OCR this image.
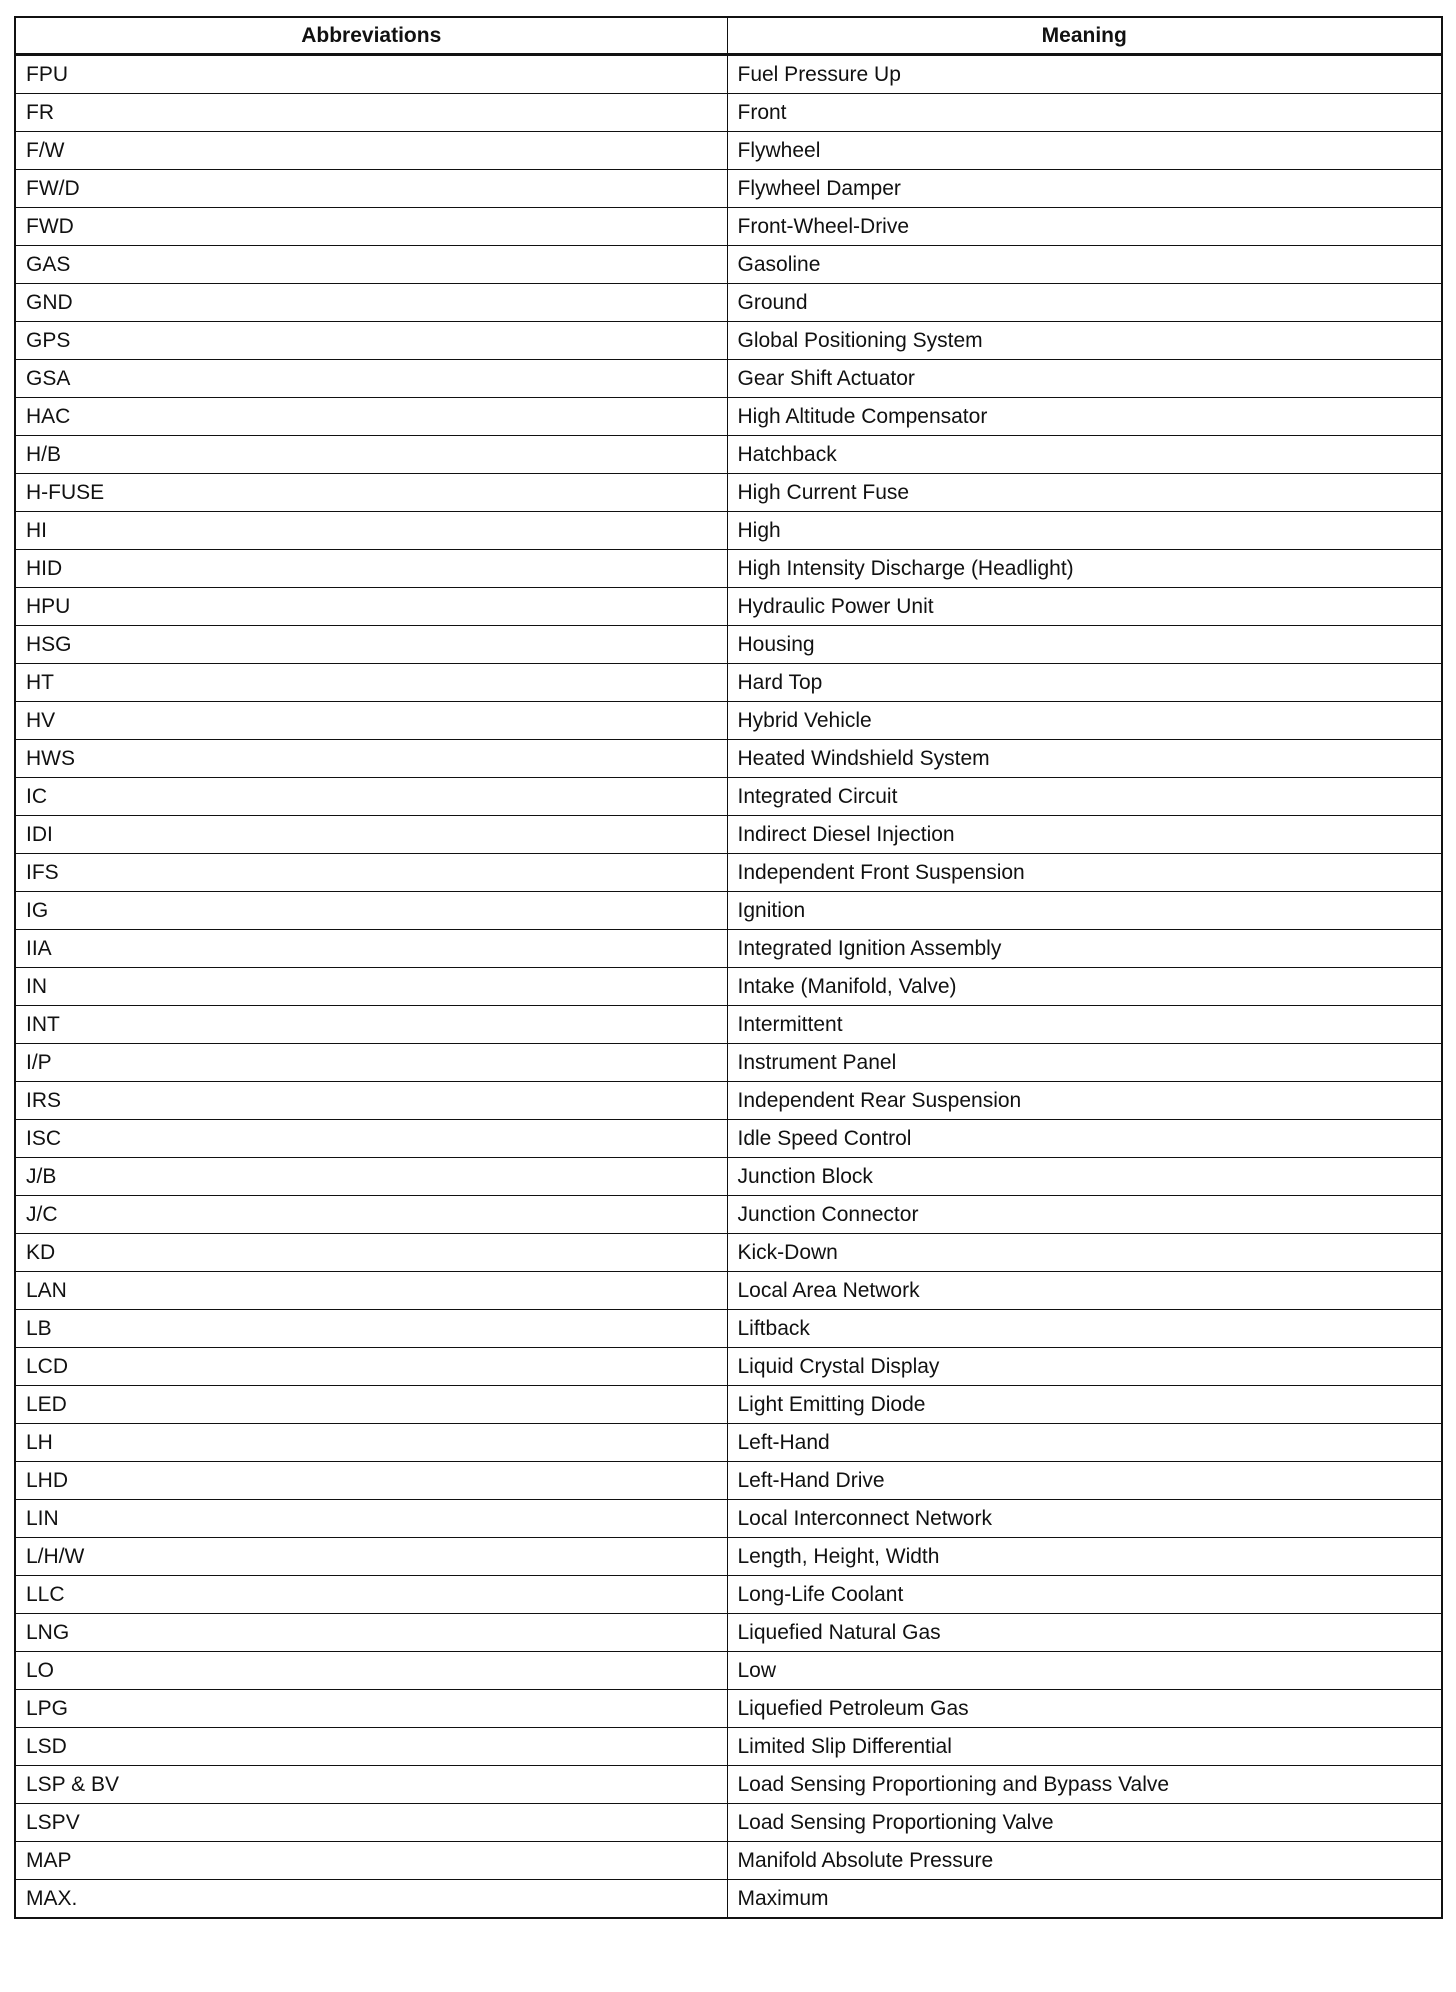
Abbreviations	Meaning
FPU	Fuel Pressure Up
FR	Front
F/W	Flywheel
FW/D	Flywheel Damper
FWD	Front-Wheel-Drive
GAS	Gasoline
GND	Ground
GPS	Global Positioning System
GSA	Gear Shift Actuator
HAC	High Altitude Compensator
H/B	Hatchback
H-FUSE	High Current Fuse
HI	High
HID	High Intensity Discharge (Headlight)
HPU	Hydraulic Power Unit
HSG	Housing
HT	Hard Top
HV	Hybrid Vehicle
HWS	Heated Windshield System
IC	Integrated Circuit
IDI	Indirect Diesel Injection
IFS	Independent Front Suspension
IG	Ignition
IIA	Integrated Ignition Assembly
IN	Intake (Manifold, Valve)
INT	Intermittent
I/P	Instrument Panel
IRS	Independent Rear Suspension
ISC	Idle Speed Control
J/B	Junction Block
J/C	Junction Connector
KD	Kick-Down
LAN	Local Area Network
LB	Liftback
LCD	Liquid Crystal Display
LED	Light Emitting Diode
LH	Left-Hand
LHD	Left-Hand Drive
LIN	Local Interconnect Network
L/H/W	Length, Height, Width
LLC	Long-Life Coolant
LNG	Liquefied Natural Gas
LO	Low
LPG	Liquefied Petroleum Gas
LSD	Limited Slip Differential
LSP & BV	Load Sensing Proportioning and Bypass Valve
LSPV	Load Sensing Proportioning Valve
MAP	Manifold Absolute Pressure
MAX.	Maximum
